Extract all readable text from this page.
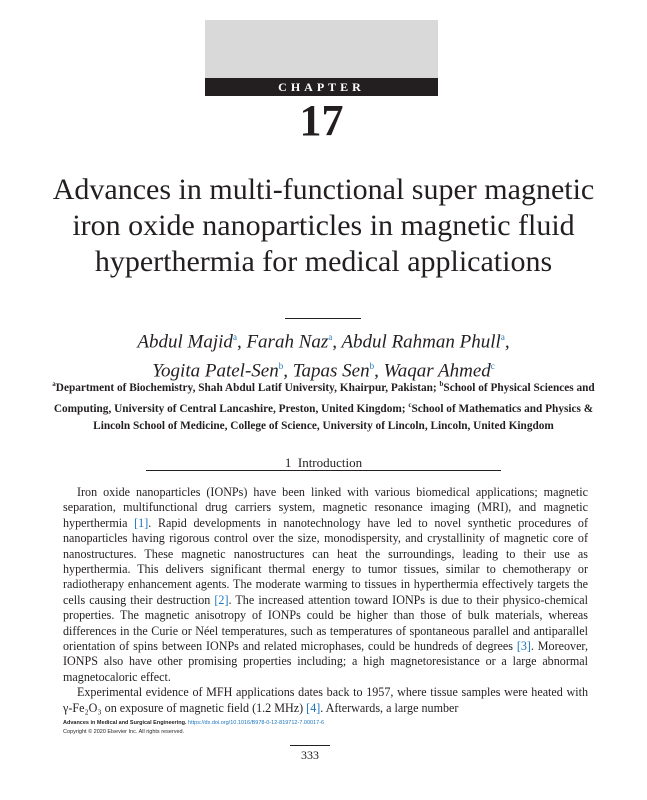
CHAPTER
17
Advances in multi-functional super magnetic iron oxide nanoparticles in magnetic fluid hyperthermia for medical applications
Abdul Majid$^a$, Farah Naz$^a$, Abdul Rahman Phull$^a$,
Yogita Patel-Sen$^b$, Tapas Sen$^b$, Waqar Ahmed$^c$
$^a$Department of Biochemistry, Shah Abdul Latif University, Khairpur, Pakistan; $^b$School of Physical Sciences and Computing, University of Central Lancashire, Preston, United Kingdom; $^c$School of Mathematics and Physics & Lincoln School of Medicine, College of Science, University of Lincoln, Lincoln, United Kingdom
1 Introduction

Iron oxide nanoparticles (IONPs) have been linked with various biomedical applications; magnetic separation, multifunctional drug carriers system, magnetic resonance imaging (MRI), and magnetic hyperthermia [1]. Rapid developments in nanotechnology have led to novel synthetic procedures of nanoparticles having rigorous control over the size, monodispersity, and crystallinity of magnetic core of nanostructures. These magnetic nanostructures can heat the surroundings, leading to their use as hyperthermia. This delivers significant thermal energy to tumor tissues, similar to chemotherapy or radiotherapy enhancement agents. The moderate warming to tissues in hyperthermia effectively targets the cells causing their destruction [2]. The increased attention toward IONPs is due to their physico-chemical properties. The magnetic anisotropy of IONPs could be higher than those of bulk materials, whereas differences in the Curie or Néel temperatures, such as temperatures of spontaneous parallel and antiparallel orientation of spins between IONPs and related microphases, could be hundreds of degrees [3]. Moreover, IONPS also have other promising properties including; a high magnetoresistance or a large abnormal magnetocaloric effect.

Experimental evidence of MFH applications dates back to 1957, where tissue samples were heated with γ-Fe₂O₃ on exposure of magnetic field (1.2 MHz) [4]. Afterwards, a large number

Advances in Medical and Surgical Engineering. https://dx.doi.org/10.1016/B978-0-12-819712-7.00017-6
Copyright © 2020 Elsevier Inc. All rights reserved.
333
